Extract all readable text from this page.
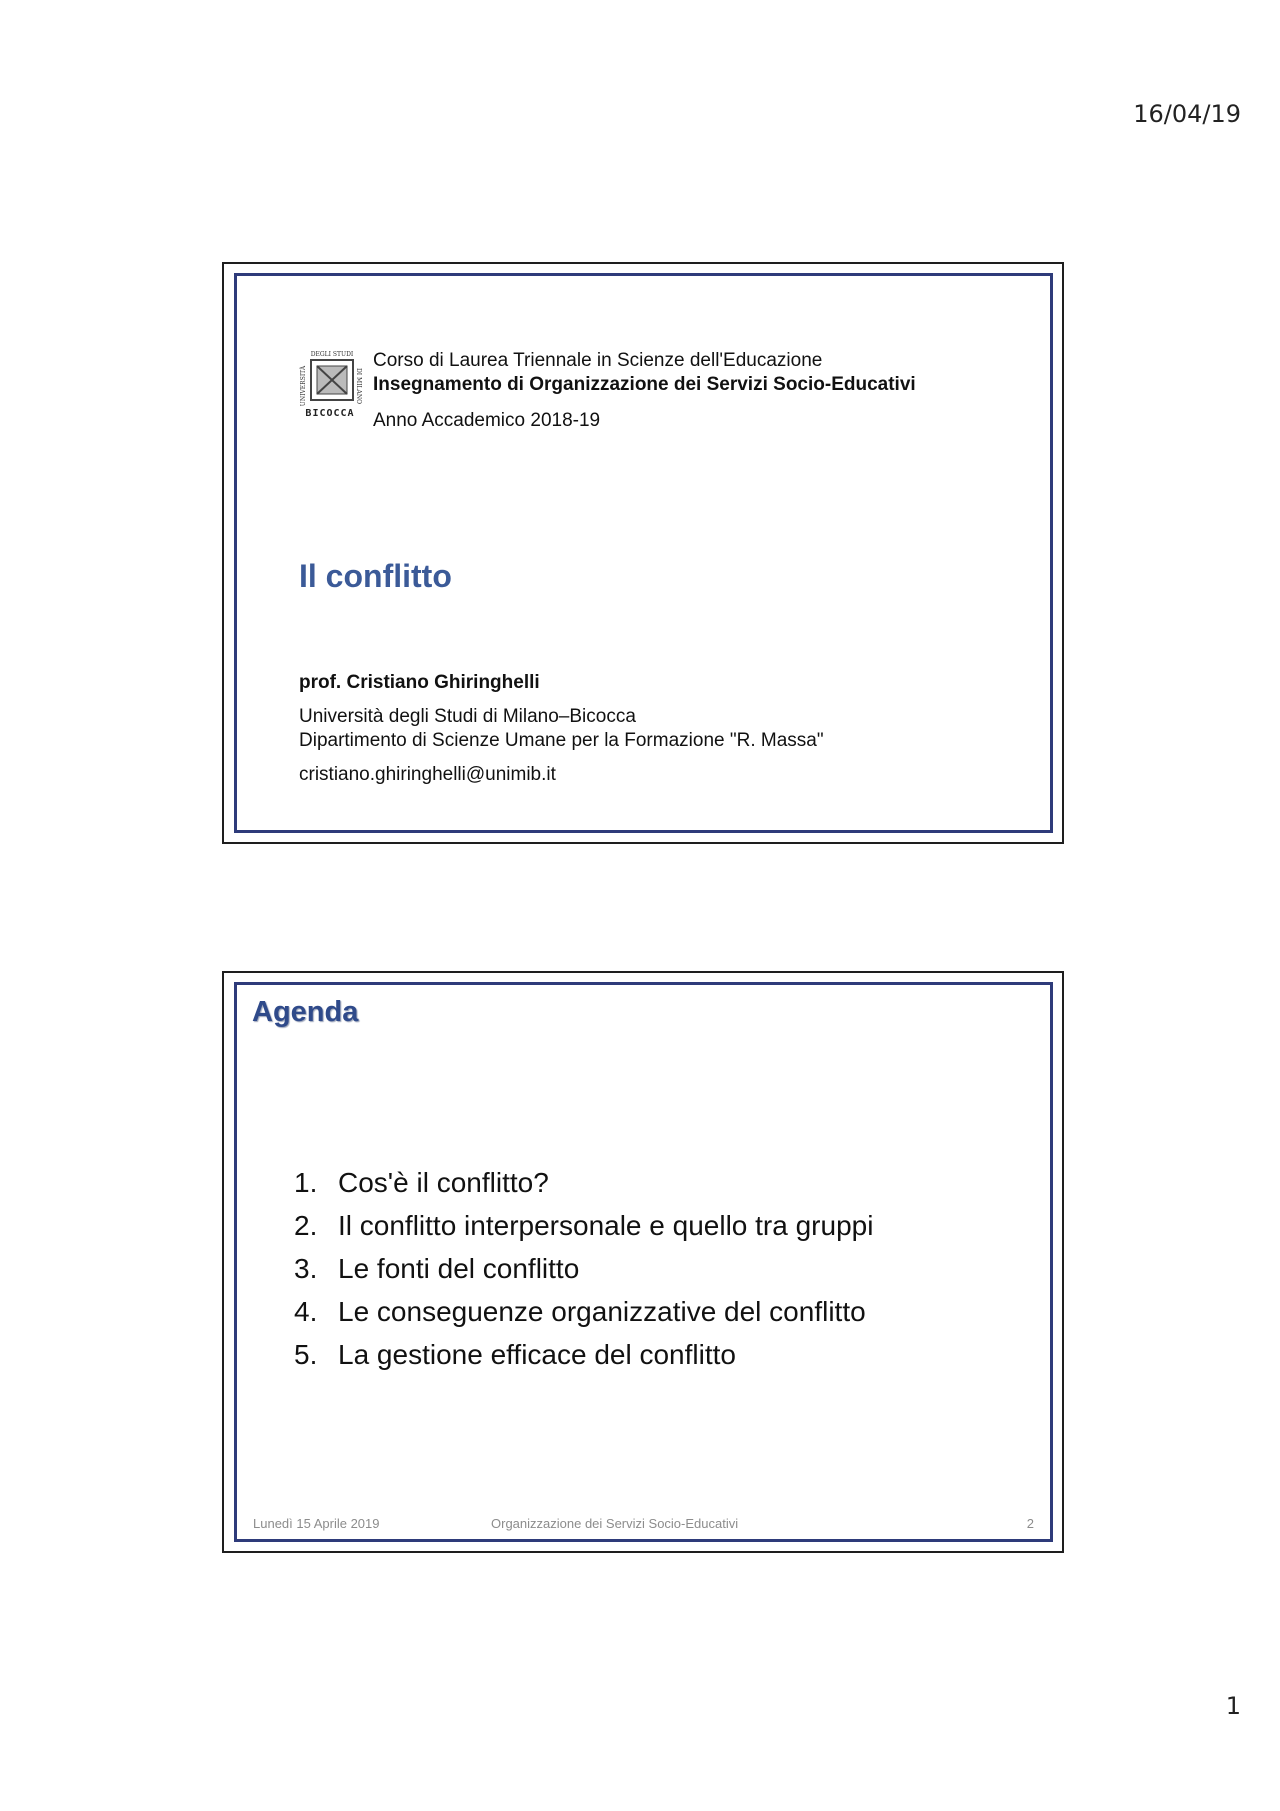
16/04/19
UNIVERSITÀ
DEGLI STUDI
DI MILANO
BICOCCA
Corso di Laurea Triennale in Scienze dell'Educazione
Insegnamento di Organizzazione dei Servizi Socio-Educativi
Anno Accademico 2018-19
Il conflitto
prof. Cristiano Ghiringhelli
Università degli Studi di Milano–Bicocca
Dipartimento di Scienze Umane per la Formazione "R. Massa"
cristiano.ghiringhelli@unimib.it
Agenda
1. Cos'è il conflitto?
2. Il conflitto interpersonale e quello tra gruppi
3. Le fonti del conflitto
4. Le conseguenze organizzative del conflitto
5. La gestione efficace del conflitto
Lunedì 15 Aprile 2019	Organizzazione dei Servizi Socio-Educativi	2
1
